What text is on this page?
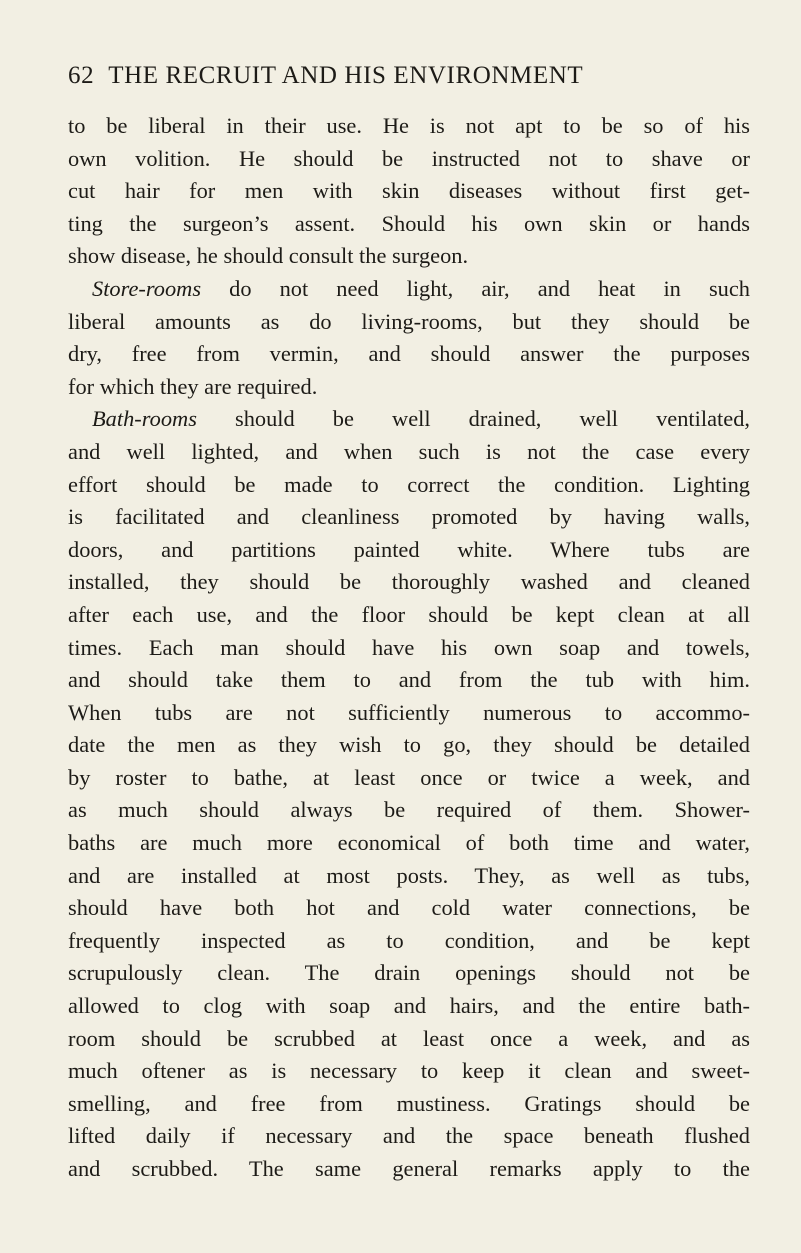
62 THE RECRUIT AND HIS ENVIRONMENT
to be liberal in their use. He is not apt to be so of his
own volition. He should be instructed not to shave or
cut hair for men with skin diseases without first get-
ting the surgeon’s assent. Should his own skin or hands
show disease, he should consult the surgeon.
Store-rooms do not need light, air, and heat in such
liberal amounts as do living-rooms, but they should be
dry, free from vermin, and should answer the purposes
for which they are required.
Bath-rooms should be well drained, well ventilated,
and well lighted, and when such is not the case every
effort should be made to correct the condition. Lighting
is facilitated and cleanliness promoted by having walls,
doors, and partitions painted white. Where tubs are
installed, they should be thoroughly washed and cleaned
after each use, and the floor should be kept clean at all
times. Each man should have his own soap and towels,
and should take them to and from the tub with him.
When tubs are not sufficiently numerous to accommo-
date the men as they wish to go, they should be detailed
by roster to bathe, at least once or twice a week, and
as much should always be required of them. Shower-
baths are much more economical of both time and water,
and are installed at most posts. They, as well as tubs,
should have both hot and cold water connections, be
frequently inspected as to condition, and be kept
scrupulously clean. The drain openings should not be
allowed to clog with soap and hairs, and the entire bath-
room should be scrubbed at least once a week, and as
much oftener as is necessary to keep it clean and sweet-
smelling, and free from mustiness. Gratings should be
lifted daily if necessary and the space beneath flushed
and scrubbed. The same general remarks apply to the
